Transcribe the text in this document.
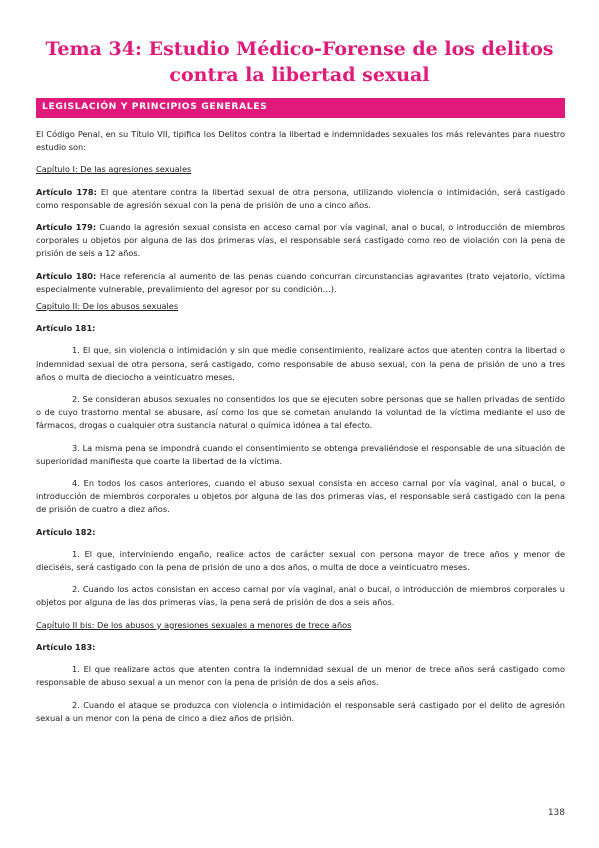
Tema 34: Estudio Médico-Forense de los delitos
contra la libertad sexual
LEGISLACIÓN Y PRINCIPIOS GENERALES

El Código Penal, en su Título VII, tipifica los Delitos contra la libertad e indemnidades sexuales los más relevantes para nuestro estudio son:

Capítulo I: De las agresiones sexuales

Artículo 178: El que atentare contra la libertad sexual de otra persona, utilizando violencia o intimidación, será castigado como responsable de agresión sexual con la pena de prisión de uno a cinco años.

Artículo 179: Cuando la agresión sexual consista en acceso carnal por vía vaginal, anal o bucal, o introducción de miembros corporales u objetos por alguna de las dos primeras vías, el responsable será castigado como reo de violación con la pena de prisión de seis a 12 años.

Artículo 180: Hace referencia al aumento de las penas cuando concurran circunstancias agravantes (trato vejatorio, víctima especialmente vulnerable, prevalimiento del agresor por su condición…).

Capítulo II: De los abusos sexuales

Artículo 181:

1. El que, sin violencia o intimidación y sin que medie consentimiento, realizare actos que atenten contra la libertad o indemnidad sexual de otra persona, será castigado, como responsable de abuso sexual, con la pena de prisión de uno a tres años o multa de dieciocho a veinticuatro meses.

2. Se consideran abusos sexuales no consentidos los que se ejecuten sobre personas que se hallen privadas de sentido o de cuyo trastorno mental se abusare, así como los que se cometan anulando la voluntad de la víctima mediante el uso de fármacos, drogas o cualquier otra sustancia natural o química idónea a tal efecto.

3. La misma pena se impondrá cuando el consentimiento se obtenga prevaliéndose el responsable de una situación de superioridad manifiesta que coarte la libertad de la víctima.

4. En todos los casos anteriores, cuando el abuso sexual consista en acceso carnal por vía vaginal, anal o bucal, o introducción de miembros corporales u objetos por alguna de las dos primeras vías, el responsable será castigado con la pena de prisión de cuatro a diez años.

Artículo 182:

1. El que, interviniendo engaño, realice actos de carácter sexual con persona mayor de trece años y menor de dieciséis, será castigado con la pena de prisión de uno a dos años, o multa de doce a veinticuatro meses.

2. Cuando los actos consistan en acceso carnal por vía vaginal, anal o bucal, o introducción de miembros corporales u objetos por alguna de las dos primeras vías, la pena será de prisión de dos a seis años.

Capítulo II bis: De los abusos y agresiones sexuales a menores de trece años

Artículo 183:

1. El que realizare actos que atenten contra la indemnidad sexual de un menor de trece años será castigado como responsable de abuso sexual a un menor con la pena de prisión de dos a seis años.

2. Cuando el ataque se produzca con violencia o intimidación el responsable será castigado por el delito de agresión sexual a un menor con la pena de cinco a diez años de prisión.

138
